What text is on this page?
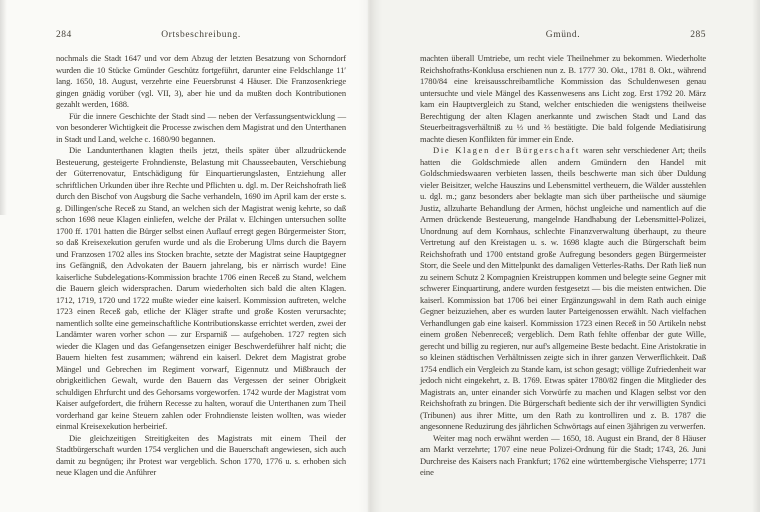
284	Ortsbeschreibung.

nochmals die Stadt 1647 und vor dem Abzug der letzten Besatzung von Schorndorf wurden die 10 Stücke Gmünder Geschütz fortgeführt, darunter eine Feldschlange 11′ lang. 1650, 18. August, verzehrte eine Feuersbrunst 4 Häuser. Die Franzosenkriege gingen gnädig vorüber (vgl. VII, 3), aber hie und da mußten doch Kontributionen gezahlt werden, 1688.

Für die innere Geschichte der Stadt sind — neben der Verfassungsentwicklung — von besonderer Wichtigkeit die Processe zwischen dem Magistrat und den Unterthanen in Stadt und Land, welche c. 1680/90 begannen.

Die Landunterthanen klagten theils jetzt, theils später über allzudrückende Besteuerung, gesteigerte Frohndienste, Belastung mit Chausseebauten, Verschiebung der Güterrenovatur, Entschädigung für Einquartierungslasten, Entziehung aller schriftlichen Urkunden über ihre Rechte und Pflichten u. dgl. m. Der Reichshofrath ließ durch den Bischof von Augsburg die Sache verhandeln, 1690 im April kam der erste s. g. Dillingen'sche Receß zu Stand, an welchen sich der Magistrat wenig kehrte, so daß schon 1698 neue Klagen einliefen, welche der Prälat v. Elchingen untersuchen sollte 1700 ff. 1701 hatten die Bürger selbst einen Auflauf erregt gegen Bürgermeister Storr, so daß Kreisexekution gerufen wurde und als die Eroberung Ulms durch die Bayern und Franzosen 1702 alles ins Stocken brachte, setzte der Magistrat seine Hauptgegner ins Gefängniß, den Advokaten der Bauern jahrelang, bis er närrisch wurde! Eine kaiserliche Subdelegations-Kommission brachte 1706 einen Receß zu Stand, welchem die Bauern gleich widersprachen. Darum wiederholten sich bald die alten Klagen. 1712, 1719, 1720 und 1722 mußte wieder eine kaiserl. Kommission auftreten, welche 1723 einen Receß gab, etliche der Kläger strafte und große Kosten verursachte; namentlich sollte eine gemeinschaftliche Kontributionskasse errichtet werden, zwei der Landämter waren vorher schon — zur Ersparniß — aufgehoben. 1727 regten sich wieder die Klagen und das Gefangensetzen einiger Beschwerdeführer half nicht; die Bauern hielten fest zusammen; während ein kaiserl. Dekret dem Magistrat grobe Mängel und Gebrechen im Regiment vorwarf, Eigennutz und Mißbrauch der obrigkeitlichen Gewalt, wurde den Bauern das Vergessen der seiner Obrigkeit schuldigen Ehrfurcht und des Gehorsams vorgeworfen. 1742 wurde der Magistrat vom Kaiser aufgefordert, die frühern Recesse zu halten, worauf die Unterthanen zum Theil vorderhand gar keine Steuern zahlen oder Frohndienste leisten wollten, was wieder einmal Kreisexekution herbeirief.

Die gleichzeitigen Streitigkeiten des Magistrats mit einem Theil der Stadtbürgerschaft wurden 1754 verglichen und die Bauerschaft angewiesen, sich auch damit zu begnügen; ihr Protest war vergeblich. Schon 1770, 1776 u. s. erhoben sich neue Klagen und die Anführer

Gmünd.	285

machten überall Umtriebe, um recht viele Theilnehmer zu bekommen. Wiederholte Reichshofraths-Konklusa erschienen nun z. B. 1777 30. Okt., 1781 8. Okt., während 1780/84 eine kreisausschreibamtliche Kommission das Schuldenwesen genau untersuchte und viele Mängel des Kassenwesens ans Licht zog. Erst 1792 20. März kam ein Hauptvergleich zu Stand, welcher entschieden die wenigstens theilweise Berechtigung der alten Klagen anerkannte und zwischen Stadt und Land das Steuerbeitragsverhältniß zu ⅓ und ⅔ bestätigte. Die bald folgende Mediatisirung machte diesen Konflikten für immer ein Ende.

Die Klagen der Bürgerschaft waren sehr verschiedener Art; theils hatten die Goldschmiede allen andern Gmündern den Handel mit Goldschmiedswaaren verbieten lassen, theils beschwerte man sich über Duldung vieler Beisitzer, welche Hauszins und Lebensmittel vertheuern, die Wälder ausstehlen u. dgl. m.; ganz besonders aber beklagte man sich über partheiische und säumige Justiz, allzuharte Behandlung der Armen, höchst ungleiche und namentlich auf die Armen drückende Besteuerung, mangelnde Handhabung der Lebensmittel-Polizei, Unordnung auf dem Kornhaus, schlechte Finanzverwaltung überhaupt, zu theure Vertretung auf den Kreistagen u. s. w. 1698 klagte auch die Bürgerschaft beim Reichshofrath und 1700 entstand große Aufregung besonders gegen Bürgermeister Storr, die Seele und den Mittelpunkt des damaligen Vetterles-Raths. Der Rath ließ nun zu seinem Schutz 2 Kompagnien Kreistruppen kommen und belegte seine Gegner mit schwerer Einquartirung, andere wurden festgesetzt — bis die meisten entwichen. Die kaiserl. Kommission bat 1706 bei einer Ergänzungswahl in dem Rath auch einige Gegner beizuziehen, aber es wurden lauter Parteigenossen erwählt. Nach vielfachen Verhandlungen gab eine kaiserl. Kommission 1723 einen Receß in 50 Artikeln nebst einem großen Nebenreceß; vergeblich. Dem Rath fehlte offenbar der gute Wille, gerecht und billig zu regieren, nur auf's allgemeine Beste bedacht. Eine Aristokratie in so kleinen städtischen Verhältnissen zeigte sich in ihrer ganzen Verwerflichkeit. Daß 1754 endlich ein Vergleich zu Stande kam, ist schon gesagt; völlige Zufriedenheit war jedoch nicht eingekehrt, z. B. 1769. Etwas später 1780/82 fingen die Mitglieder des Magistrats an, unter einander sich Vorwürfe zu machen und Klagen selbst vor den Reichshofrath zu bringen. Die Bürgerschaft bediente sich der ihr verwilligten Syndici (Tribunen) aus ihrer Mitte, um den Rath zu kontrolliren und z. B. 1787 die angesonnene Reduzirung des jährlichen Schwörtags auf einen 3jährigen zu verwerfen.

Weiter mag noch erwähnt werden — 1650, 18. August ein Brand, der 8 Häuser am Markt verzehrte; 1707 eine neue Polizei-Ordnung für die Stadt; 1743, 26. Juni Durchreise des Kaisers nach Frankfurt; 1762 eine württembergische Viehsperre; 1771 eine
